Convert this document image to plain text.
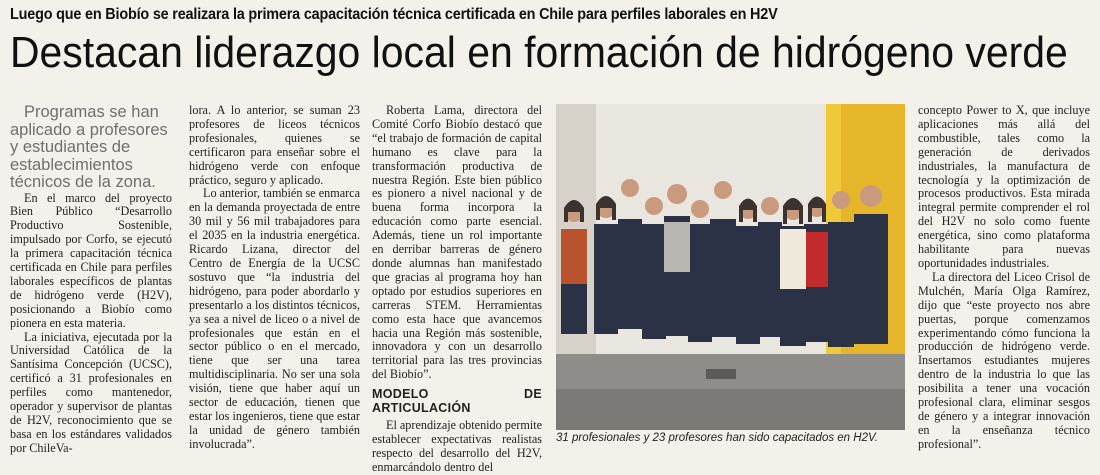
Luego que en Biobío se realizara la primera capacitación técnica certificada en Chile para perfiles laborales en H2V
Destacan liderazgo local en formación de hidrógeno verde

Programas se han aplicado a profesores y estudiantes de establecimientos técnicos de la zona.

En el marco del proyecto Bien Público “Desarrollo Productivo Sostenible, impulsado por Corfo, se ejecutó la primera capacitación técnica certificada en Chile para perfiles laborales específicos de plantas de hidrógeno verde (H2V), posicionando a Biobío como pionera en esta materia.

La iniciativa, ejecutada por la Universidad Católica de la Santísima Concepción (UCSC), certificó a 31 profesionales en perfiles como mantenedor, operador y supervisor de plantas de H2V, reconocimiento que se basa en los estándares validados por ChileVa-

lora. A lo anterior, se suman 23 profesores de liceos técnicos profesionales, quienes se certificaron para enseñar sobre el hidrógeno verde con enfoque práctico, seguro y aplicado.

Lo anterior, también se enmarca en la demanda proyectada de entre 30 mil y 56 mil trabajadores para el 2035 en la industria energética. Ricardo Lizana, director del Centro de Energía de la UCSC sostuvo que “la industria del hidrógeno, para poder abordarlo y presentarlo a los distintos técnicos, ya sea a nivel de liceo o a nivel de profesionales que están en el sector público o en el mercado, tiene que ser una tarea multidisciplinaria. No ser una sola visión, tiene que haber aquí un sector de educación, tienen que estar los ingenieros, tiene que estar la unidad de género también involucrada”.

Roberta Lama, directora del Comité Corfo Biobío destacó que “el trabajo de formación de capital humano es clave para la transformación productiva de nuestra Región. Este bien público es pionero a nivel nacional y de buena forma incorpora la educación como parte esencial. Además, tiene un rol importante en derribar barreras de género donde alumnas han manifestado que gracias al programa hoy han optado por estudios superiores en carreras STEM. Herramientas como esta hace que avancemos hacia una Región más sostenible, innovadora y con un desarrollo territorial para las tres provincias del Biobío”.

MODELO DE ARTICULACIÓN

El aprendizaje obtenido permite establecer expectativas realistas respecto del desarrollo del H2V, enmarcándolo dentro del

31 profesionales y 23 profesores han sido capacitados en H2V.

concepto Power to X, que incluye aplicaciones más allá del combustible, tales como la generación de derivados industriales, la manufactura de tecnología y la optimización de procesos productivos. Esta mirada integral permite comprender el rol del H2V no solo como fuente energética, sino como plataforma habilitante para nuevas oportunidades industriales.

La directora del Liceo Crisol de Mulchén, María Olga Ramírez, dijo que “este proyecto nos abre puertas, porque comenzamos experimentando cómo funciona la producción de hidrógeno verde. Insertamos estudiantes mujeres dentro de la industria lo que las posibilita a tener una vocación profesional clara, eliminar sesgos de género y a integrar innovación en la enseñanza técnico profesional”.
